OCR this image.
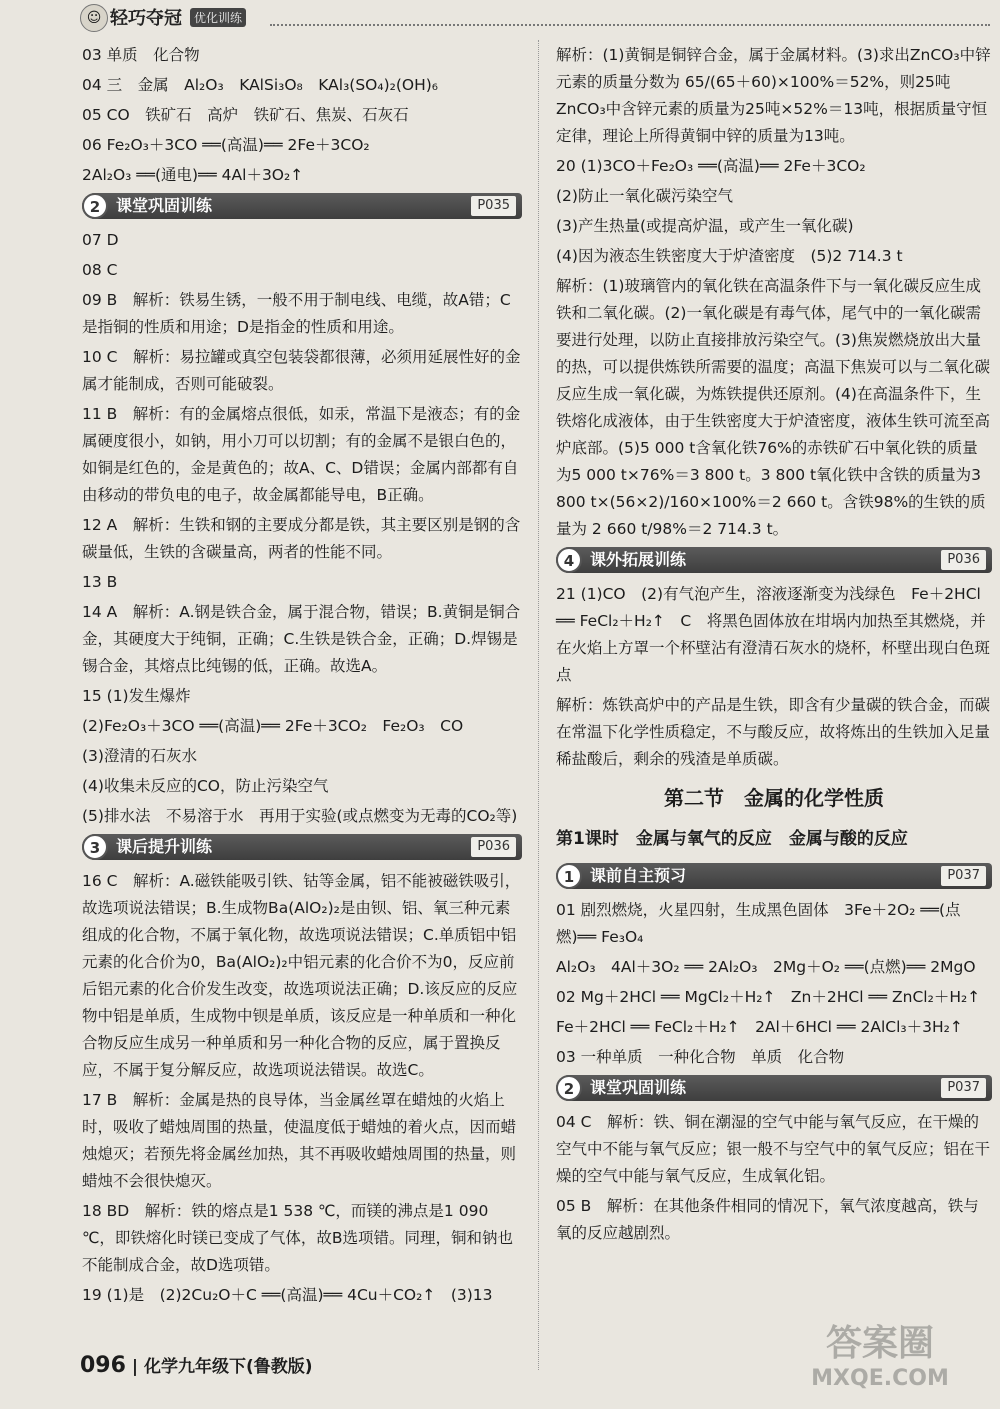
☺ 轻巧夺冠	优化训练

03 单质　化合物

04 三　金属　Al₂O₃　KAlSi₃O₈　KAl₃(SO₄)₂(OH)₆

05 CO　铁矿石　高炉　铁矿石、焦炭、石灰石

06 Fe₂O₃＋3CO ══(高温)══ 2Fe＋3CO₂

2Al₂O₃ ══(通电)══ 4Al＋3O₂↑

2 课堂巩固训练	P035

07 D

08 C

09 B　解析：铁易生锈，一般不用于制电线、电缆，故A错；C是指铜的性质和用途；D是指金的性质和用途。

10 C　解析：易拉罐或真空包装袋都很薄，必须用延展性好的金属才能制成，否则可能破裂。

11 B　解析：有的金属熔点很低，如汞，常温下是液态；有的金属硬度很小，如钠，用小刀可以切割；有的金属不是银白色的，如铜是红色的，金是黄色的；故A、C、D错误；金属内部都有自由移动的带负电的电子，故金属都能导电，B正确。

12 A　解析：生铁和钢的主要成分都是铁，其主要区别是钢的含碳量低，生铁的含碳量高，两者的性能不同。

13 B

14 A　解析：A.钢是铁合金，属于混合物，错误；B.黄铜是铜合金，其硬度大于纯铜，正确；C.生铁是铁合金，正确；D.焊锡是锡合金，其熔点比纯锡的低，正确。故选A。

15 (1)发生爆炸

(2)Fe₂O₃＋3CO ══(高温)══ 2Fe＋3CO₂　Fe₂O₃　CO

(3)澄清的石灰水

(4)收集未反应的CO，防止污染空气

(5)排水法　不易溶于水　再用于实验(或点燃变为无毒的CO₂等)

3 课后提升训练	P036

16 C　解析：A.磁铁能吸引铁、钴等金属，铝不能被磁铁吸引，故选项说法错误；B.生成物Ba(AlO₂)₂是由钡、铝、氧三种元素组成的化合物，不属于氧化物，故选项说法错误；C.单质铝中铝元素的化合价为0，Ba(AlO₂)₂中铝元素的化合价不为0，反应前后铝元素的化合价发生改变，故选项说法正确；D.该反应的反应物中铝是单质，生成物中钡是单质，该反应是一种单质和一种化合物反应生成另一种单质和另一种化合物的反应，属于置换反应，不属于复分解反应，故选项说法错误。故选C。

17 B　解析：金属是热的良导体，当金属丝罩在蜡烛的火焰上时，吸收了蜡烛周围的热量，使温度低于蜡烛的着火点，因而蜡烛熄灭；若预先将金属丝加热，其不再吸收蜡烛周围的热量，则蜡烛不会很快熄灭。

18 BD　解析：铁的熔点是1 538 ℃，而镁的沸点是1 090 ℃，即铁熔化时镁已变成了气体，故B选项错。同理，铜和钠也不能制成合金，故D选项错。

19 (1)是　(2)2Cu₂O＋C ══(高温)══ 4Cu＋CO₂↑　(3)13

解析：(1)黄铜是铜锌合金，属于金属材料。(3)求出ZnCO₃中锌元素的质量分数为 65/(65＋60)×100%＝52%，则25吨ZnCO₃中含锌元素的质量为25吨×52%＝13吨，根据质量守恒定律，理论上所得黄铜中锌的质量为13吨。

20 (1)3CO＋Fe₂O₃ ══(高温)══ 2Fe＋3CO₂

(2)防止一氧化碳污染空气

(3)产生热量(或提高炉温，或产生一氧化碳)

(4)因为液态生铁密度大于炉渣密度　(5)2 714.3 t

解析：(1)玻璃管内的氧化铁在高温条件下与一氧化碳反应生成铁和二氧化碳。(2)一氧化碳是有毒气体，尾气中的一氧化碳需要进行处理，以防止直接排放污染空气。(3)焦炭燃烧放出大量的热，可以提供炼铁所需要的温度；高温下焦炭可以与二氧化碳反应生成一氧化碳，为炼铁提供还原剂。(4)在高温条件下，生铁熔化成液体，由于生铁密度大于炉渣密度，液体生铁可流至高炉底部。(5)5 000 t含氧化铁76%的赤铁矿石中氧化铁的质量为5 000 t×76%＝3 800 t。3 800 t氧化铁中含铁的质量为3 800 t×(56×2)/160×100%＝2 660 t。含铁98%的生铁的质量为 2 660 t/98%＝2 714.3 t。

4 课外拓展训练	P036

21 (1)CO　(2)有气泡产生，溶液逐渐变为浅绿色　Fe＋2HCl ══ FeCl₂＋H₂↑　C　将黑色固体放在坩埚内加热至其燃烧，并在火焰上方罩一个杯壁沾有澄清石灰水的烧杯，杯壁出现白色斑点

解析：炼铁高炉中的产品是生铁，即含有少量碳的铁合金，而碳在常温下化学性质稳定，不与酸反应，故将炼出的生铁加入足量稀盐酸后，剩余的残渣是单质碳。

第二节　金属的化学性质
第1课时　金属与氧气的反应　金属与酸的反应
1 课前自主预习	P037

01 剧烈燃烧，火星四射，生成黑色固体　3Fe＋2O₂ ══(点燃)══ Fe₃O₄

Al₂O₃　4Al＋3O₂ ══ 2Al₂O₃　2Mg＋O₂ ══(点燃)══ 2MgO

02 Mg＋2HCl ══ MgCl₂＋H₂↑　Zn＋2HCl ══ ZnCl₂＋H₂↑

Fe＋2HCl ══ FeCl₂＋H₂↑　2Al＋6HCl ══ 2AlCl₃＋3H₂↑

03 一种单质　一种化合物　单质　化合物

2 课堂巩固训练	P037

04 C　解析：铁、铜在潮湿的空气中能与氧气反应，在干燥的空气中不能与氧气反应；银一般不与空气中的氧气反应；铝在干燥的空气中能与氧气反应，生成氧化铝。

05 B　解析：在其他条件相同的情况下，氧气浓度越高，铁与氧的反应越剧烈。

096 | 化学九年级下(鲁教版)
答案圈
MXQE.COM
